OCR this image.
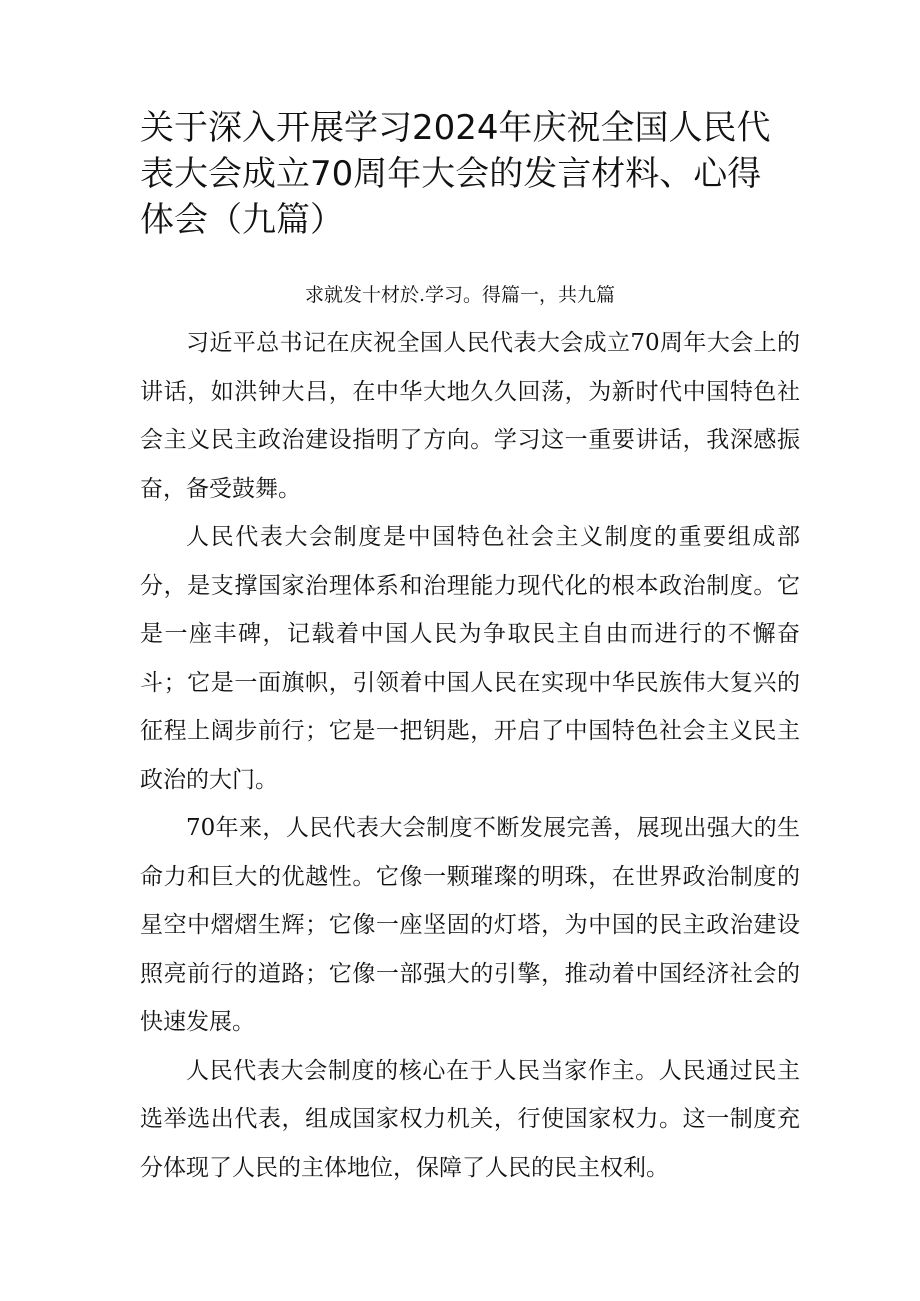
关于深入开展学习2024年庆祝全国人民代表大会成立70周年大会的发言材料、心得体会（九篇）
求就发十材於.学习。得篇一，共九篇

习近平总书记在庆祝全国人民代表大会成立70周年大会上的讲话，如洪钟大吕，在中华大地久久回荡，为新时代中国特色社会主义民主政治建设指明了方向。学习这一重要讲话，我深感振奋，备受鼓舞。

人民代表大会制度是中国特色社会主义制度的重要组成部分，是支撑国家治理体系和治理能力现代化的根本政治制度。它是一座丰碑，记载着中国人民为争取民主自由而进行的不懈奋斗；它是一面旗帜，引领着中国人民在实现中华民族伟大复兴的征程上阔步前行；它是一把钥匙，开启了中国特色社会主义民主政治的大门。

70年来，人民代表大会制度不断发展完善，展现出强大的生命力和巨大的优越性。它像一颗璀璨的明珠，在世界政治制度的星空中熠熠生辉；它像一座坚固的灯塔，为中国的民主政治建设照亮前行的道路；它像一部强大的引擎，推动着中国经济社会的快速发展。

人民代表大会制度的核心在于人民当家作主。人民通过民主选举选出代表，组成国家权力机关，行使国家权力。这一制度充分体现了人民的主体地位，保障了人民的民主权利。
